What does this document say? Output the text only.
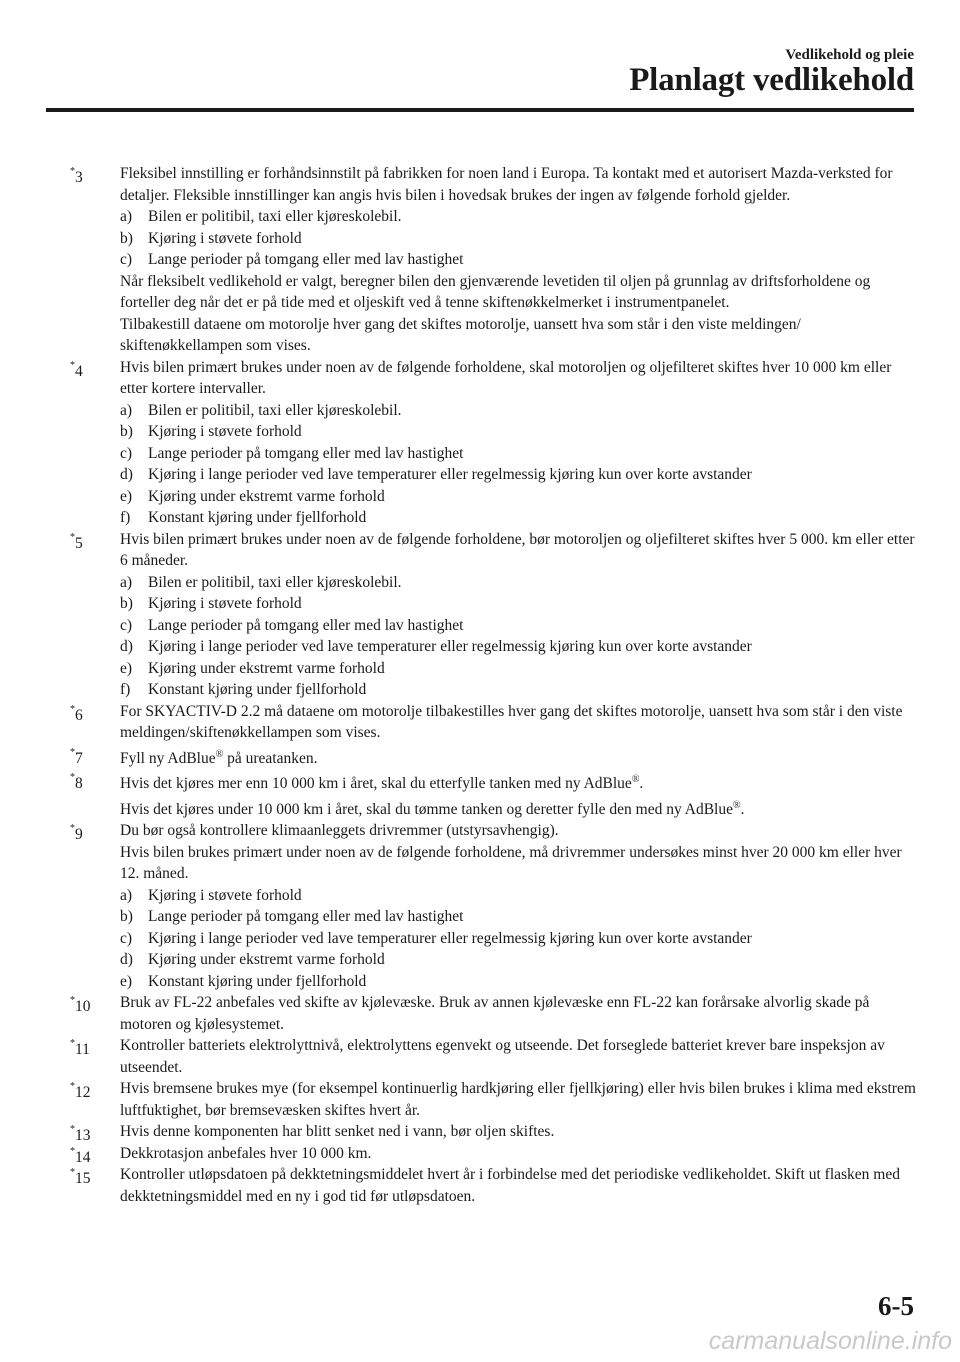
Vedlikehold og pleie
Planlagt vedlikehold
*3 Fleksibel innstilling er forhåndsinnstilt på fabrikken for noen land i Europa. Ta kontakt med et autorisert Mazda-verksted for detaljer. Fleksible innstillinger kan angis hvis bilen i hovedsak brukes der ingen av følgende forhold gjelder.

a) Bilen er politibil, taxi eller kjøreskolebil.
b) Kjøring i støvete forhold
c) Lange perioder på tomgang eller med lav hastighet

Når fleksibelt vedlikehold er valgt, beregner bilen den gjenværende levetiden til oljen på grunnlag av driftsforholdene og forteller deg når det er på tide med et oljeskift ved å tenne skiftenøkkelmerket i instrumentpanelet.

Tilbakestill dataene om motorolje hver gang det skiftes motorolje, uansett hva som står i den viste meldingen/ skiftenøkkellampen som vises.

*4 Hvis bilen primært brukes under noen av de følgende forholdene, skal motoroljen og oljefilteret skiftes hver 10 000 km eller etter kortere intervaller.

a) Bilen er politibil, taxi eller kjøreskolebil.
b) Kjøring i støvete forhold
c) Lange perioder på tomgang eller med lav hastighet
d) Kjøring i lange perioder ved lave temperaturer eller regelmessig kjøring kun over korte avstander
e) Kjøring under ekstremt varme forhold
f) Konstant kjøring under fjellforhold
*5 Hvis bilen primært brukes under noen av de følgende forholdene, bør motoroljen og oljefilteret skiftes hver 5 000. km eller etter 6 måneder.

a) Bilen er politibil, taxi eller kjøreskolebil.
b) Kjøring i støvete forhold
c) Lange perioder på tomgang eller med lav hastighet
d) Kjøring i lange perioder ved lave temperaturer eller regelmessig kjøring kun over korte avstander
e) Kjøring under ekstremt varme forhold
f) Konstant kjøring under fjellforhold
*6 For SKYACTIV-D 2.2 må dataene om motorolje tilbakestilles hver gang det skiftes motorolje, uansett hva som står i den viste meldingen/skiftenøkkellampen som vises.

*7 Fyll ny AdBlue® på ureatanken.

*8 Hvis det kjøres mer enn 10 000 km i året, skal du etterfylle tanken med ny AdBlue®.

Hvis det kjøres under 10 000 km i året, skal du tømme tanken og deretter fylle den med ny AdBlue®.

*9 Du bør også kontrollere klimaanleggets drivremmer (utstyrsavhengig).

Hvis bilen brukes primært under noen av de følgende forholdene, må drivremmer undersøkes minst hver 20 000 km eller hver 12. måned.

a) Kjøring i støvete forhold
b) Lange perioder på tomgang eller med lav hastighet
c) Kjøring i lange perioder ved lave temperaturer eller regelmessig kjøring kun over korte avstander
d) Kjøring under ekstremt varme forhold
e) Konstant kjøring under fjellforhold
*10 Bruk av FL-22 anbefales ved skifte av kjølevæske. Bruk av annen kjølevæske enn FL-22 kan forårsake alvorlig skade på motoren og kjølesystemet.

*11 Kontroller batteriets elektrolyttnivå, elektrolyttens egenvekt og utseende. Det forseglede batteriet krever bare inspeksjon av utseendet.

*12 Hvis bremsene brukes mye (for eksempel kontinuerlig hardkjøring eller fjellkjøring) eller hvis bilen brukes i klima med ekstrem luftfuktighet, bør bremsevæsken skiftes hvert år.

*13 Hvis denne komponenten har blitt senket ned i vann, bør oljen skiftes.

*14 Dekkrotasjon anbefales hver 10 000 km.

*15 Kontroller utløpsdatoen på dekktetningsmiddelet hvert år i forbindelse med det periodiske vedlikeholdet. Skift ut flasken med dekktetningsmiddel med en ny i god tid før utløpsdatoen.

6-5
carmanualsonline.info
